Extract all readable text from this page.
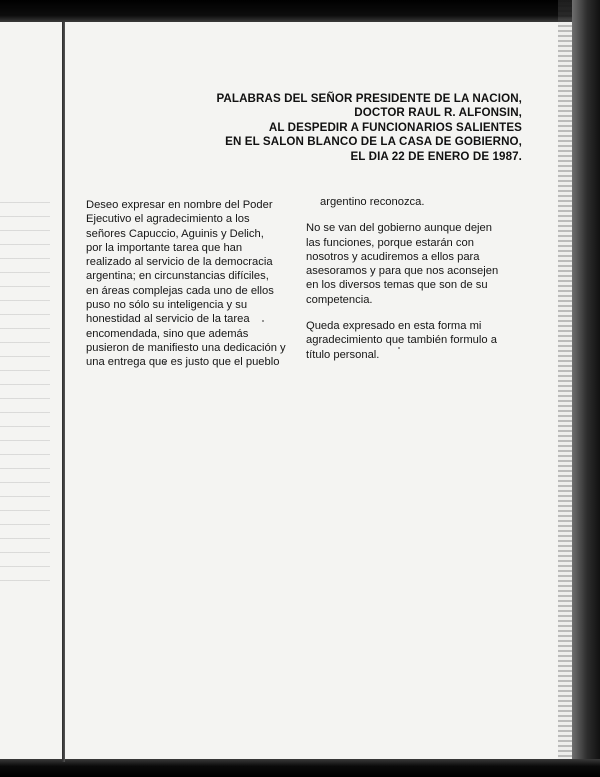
PALABRAS DEL SEÑOR PRESIDENTE DE LA NACION,
DOCTOR RAUL R. ALFONSIN,
AL DESPEDIR A FUNCIONARIOS SALIENTES
EN EL SALON BLANCO DE LA CASA DE GOBIERNO,
EL DIA 22 DE ENERO DE 1987.
Deseo expresar en nombre del Poder
Ejecutivo el agradecimiento a los
señores Capuccio, Aguinis y Delich,
por la importante tarea que han
realizado al servicio de la democracia
argentina; en circunstancias difíciles,
en áreas complejas cada uno de ellos
puso no sólo su inteligencia y su
honestidad al servicio de la tarea
encomendada, sino que además
pusieron de manifiesto una dedicación y
una entrega que es justo que el pueblo
argentino reconozca.
No se van del gobierno aunque dejen
las funciones, porque estarán con
nosotros y acudiremos a ellos para
asesoramos y para que nos aconsejen
en los diversos temas que son de su
competencia.
Queda expresado en esta forma mi
agradecimiento que también formulo a
título personal.
